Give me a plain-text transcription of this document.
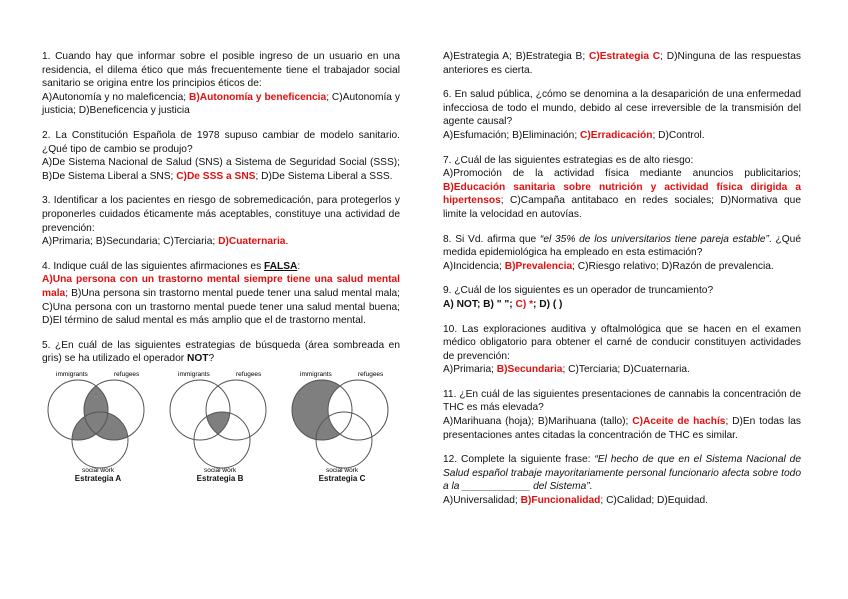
1. Cuando hay que informar sobre el posible ingreso de un usuario en una residencia, el dilema ético que más frecuentemente tiene el trabajador social sanitario se origina entre los principios éticos de:
A)Autonomía y no maleficencia; B)Autonomía y beneficencia; C)Autonomía y justicia; D)Beneficencia y justicia

2. La Constitución Española de 1978 supuso cambiar de modelo sanitario. ¿Qué tipo de cambio se produjo?
A)De Sistema Nacional de Salud (SNS) a Sistema de Seguridad Social (SSS); B)De Sistema Liberal a SNS; C)De SSS a SNS; D)De Sistema Liberal a SSS.

3. Identificar a los pacientes en riesgo de sobremedicación, para protegerlos y proponerles cuidados éticamente más aceptables, constituye una actividad de prevención:
A)Primaria; B)Secundaria; C)Terciaria; D)Cuaternaria.

4. Indique cuál de las siguientes afirmaciones es FALSA:
A)Una persona con un trastorno mental siempre tiene una salud mental mala; B)Una persona sin trastorno mental puede tener una salud mental mala; C)Una persona con un trastorno mental puede tener una salud mental buena; D)El término de salud mental es más amplio que el de trastorno mental.

5. ¿En cuál de las siguientes estrategias de búsqueda (área sombreada en gris) se ha utilizado el operador NOT?

immigrants	refugees
social work
Estrategia A
immigrants	refugees
social work
Estrategia B
immigrants	refugees
social work
Estrategia C

A)Estrategia A; B)Estrategia B; C)Estrategia C; D)Ninguna de las respuestas anteriores es cierta.

6. En salud pública, ¿cómo se denomina a la desaparición de una enfermedad infecciosa de todo el mundo, debido al cese irreversible de la transmisión del agente causal?
A)Esfumación; B)Eliminación; C)Erradicación; D)Control.

7. ¿Cuál de las siguientes estrategias es de alto riesgo:
A)Promoción de la actividad física mediante anuncios publicitarios; B)Educación sanitaria sobre nutrición y actividad física dirigida a hipertensos; C)Campaña antitabaco en redes sociales; D)Normativa que limite la velocidad en autovías.

8. Si Vd. afirma que “el 35% de los universitarios tiene pareja estable”. ¿Qué medida epidemiológica ha empleado en esta estimación?
A)Incidencia; B)Prevalencia; C)Riesgo relativo; D)Razón de prevalencia.

9. ¿Cuál de los siguientes es un operador de truncamiento?
A) NOT; B) " "; C) *; D) ( )

10. Las exploraciones auditiva y oftalmológica que se hacen en el examen médico obligatorio para obtener el carné de conducir constituyen actividades de prevención:
A)Primaria; B)Secundaria; C)Terciaria; D)Cuaternaria.

11. ¿En cuál de las siguientes presentaciones de cannabis la concentración de THC es más elevada?
A)Marihuana (hoja); B)Marihuana (tallo); C)Aceite de hachís; D)En todas las presentaciones antes citadas la concentración de THC es similar.

12. Complete la siguiente frase: “El hecho de que en el Sistema Nacional de Salud español trabaje mayoritariamente personal funcionario afecta sobre todo a la ____________ del Sistema”.
A)Universalidad; B)Funcionalidad; C)Calidad; D)Equidad.
